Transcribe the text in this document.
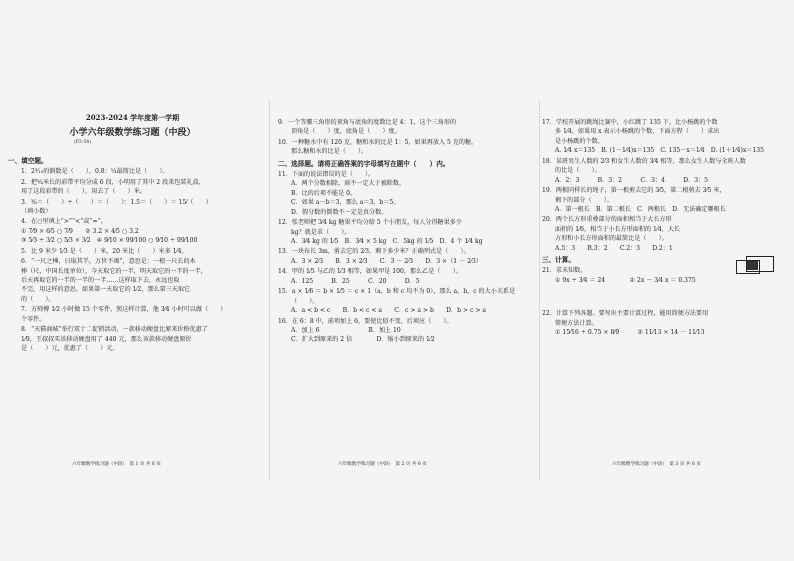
2023-2024 学年度第一学期
小学六年级数学练习题（中段）
(P2-54)
一、填空题。
1．2³⁄₁₀的倒数是（　　），0.8：¼最简比是（　　）。
2．把³⁄₄米长的彩带平均分成 6 段，小明用了其中 2 段来包装礼盒，
用了这段彩带的（　　），用去了（　　）米。
3．³⁄₈＝（　　）÷（　　）＝（　　）：1.5＝（　　）＝ 15⁄（　　）
（填小数）
4．在○里填上“>”“<”或“=”。
① 7⁄9 × 6⁄5 ○ 7⁄9　　② 3.2 × 4⁄5 ○ 3.2
③ 5⁄3 ÷ 3⁄2 ○ 5⁄3 × 3⁄2　④ 9⁄10 × 99⁄100 ○ 9⁄10 ÷ 99⁄100
5．比 9 米少 1⁄3 是（　　）米，20 米比（　　）米多 1⁄4。
6．“一尺之棰，日取其半，万世不竭”，意思是：一根一尺长的木
棒（尺，中国长度单位），今天取它的一半，明天取它的一半的一半，
后天再取它的一半的一半的一半……这样取下去，永远也取
不完。用这样的意思，如果第一天取它的 1⁄2，那么第三天取它
的（　　）。
7．方师傅 1⁄2 小时做 15 个零件，照这样计算，他 3⁄4 小时可以做（　　）
个零件。
8．“天猫商城”举行双十二促销活动，一款移动硬盘比原来价格优惠了
1⁄9，王叔叔买该移动硬盘用了 440 元，那么该款移动硬盘原价
是（　　）元，优惠了（　　）元。
六年级数学练习题（中段）　第 1 页 共 6 页
9．一个等腰三角形的顶角与底角的度数比是 4：1，这个三角形的
顶角是（　　）度，底角是（　　）度。
10．一种糖水中有 120 克，糖和水的比是 1：5，如果再放入 5 克的糖，
那么糖和水的比是（　　）。
二、选择题。请将正确答案的字母填写在题中（　　）内。
11．下面的说法错误的是（　　）。
A．两个分数相除，商不一定大于被除数。
B．比的后项不能是 0。
C．如果 a－b＝3，那么 a＝3，b＝5。
D．假分数的倒数不一定是真分数。
12．张老师把 3⁄4 kg 糖果平均分给 5 个小朋友，每人分得糖果多少
kg？就是求（　　）。
A．3⁄4 kg 的 1⁄5　B．3⁄4 × 5 kg　C．5kg 的 1⁄5　D．4 个 1⁄4 kg
13．一块布长 3m，剪去它的 2⁄3，剩下多少米？正确列式是（　　）。
A．3 × 2⁄3　　B．3 × 2⁄3　　C．3 － 2⁄3　　D．3 ×（1 － 2⁄3）
14．甲的 1⁄5 与乙的 1⁄3 相等，如果甲是 100，那么乙是（　　）。
A．125　　　B．25　　　C．20　　　D．5
15．a × 1⁄6 ＝ b × 1⁄5 ＝ c × 1（a，b 和 c 均不为 0），那么 a，b，c 的大小关系是
（　　）。
A．a < b < c　　B．b < c < a　　C．c > a > b　　D．b > c > a
16．在 6：8 中，前项加上 6，要使比值不变，后项应（　　）。
A．加上 6　　　　　　　　B．加上 10
C．扩大到原来的 2 倍　　　　D．缩小到原来的 1⁄2
六年级数学练习题（中段）　第 2 页 共 6 页
17．学校开展的跳绳比赛中，小红跳了 135 下，比小杨跳的个数
多 1⁄4，如果用 x 表示小杨跳的个数，下面方程（　　）求出
是小杨跳的个数。
A. 1⁄4 x＝135　B. (1－1⁄4)x＝135　C. 135－x＝1⁄4　D. (1＋1⁄4)x＝135
18．某班男生人数的 2⁄3 和女生人数的 3⁄4 相等，那么女生人数与全班人数
的比是（　　）。
A．2：3　　　B．3：2　　　C．3：4　　　D．3：5
19．两根同样长的绳子，第一根剪去它的 3⁄5，第二根剪去 3⁄5 米，
剩下的部分（　　）。
A．第一根长　B．第二根长　C．两根长　D．无法确定哪根长
20．两个长方形重叠部分的面积相当于大长方形
面积的 1⁄6，相当于小长方形面积的 1⁄4，大长
方形和小长方形面积的最简比是（　　）。
A.5：3　　B.3：2　　C.2：3　　D.2：1
三、计算。
21．求未知数。
① 9x ÷ 3⁄4 ＝ 24　　　　② 2x － 3⁄4 x ＝ 0.375
22．计算下列各题。要写出主要计算过程，能用简便方法要用
简便方法计算。
① 15⁄16 ÷ 0.75 × 8⁄9　　　② 11⁄13 × 14 － 11⁄13
六年级数学练习题（中段）　第 3 页 共 6 页
